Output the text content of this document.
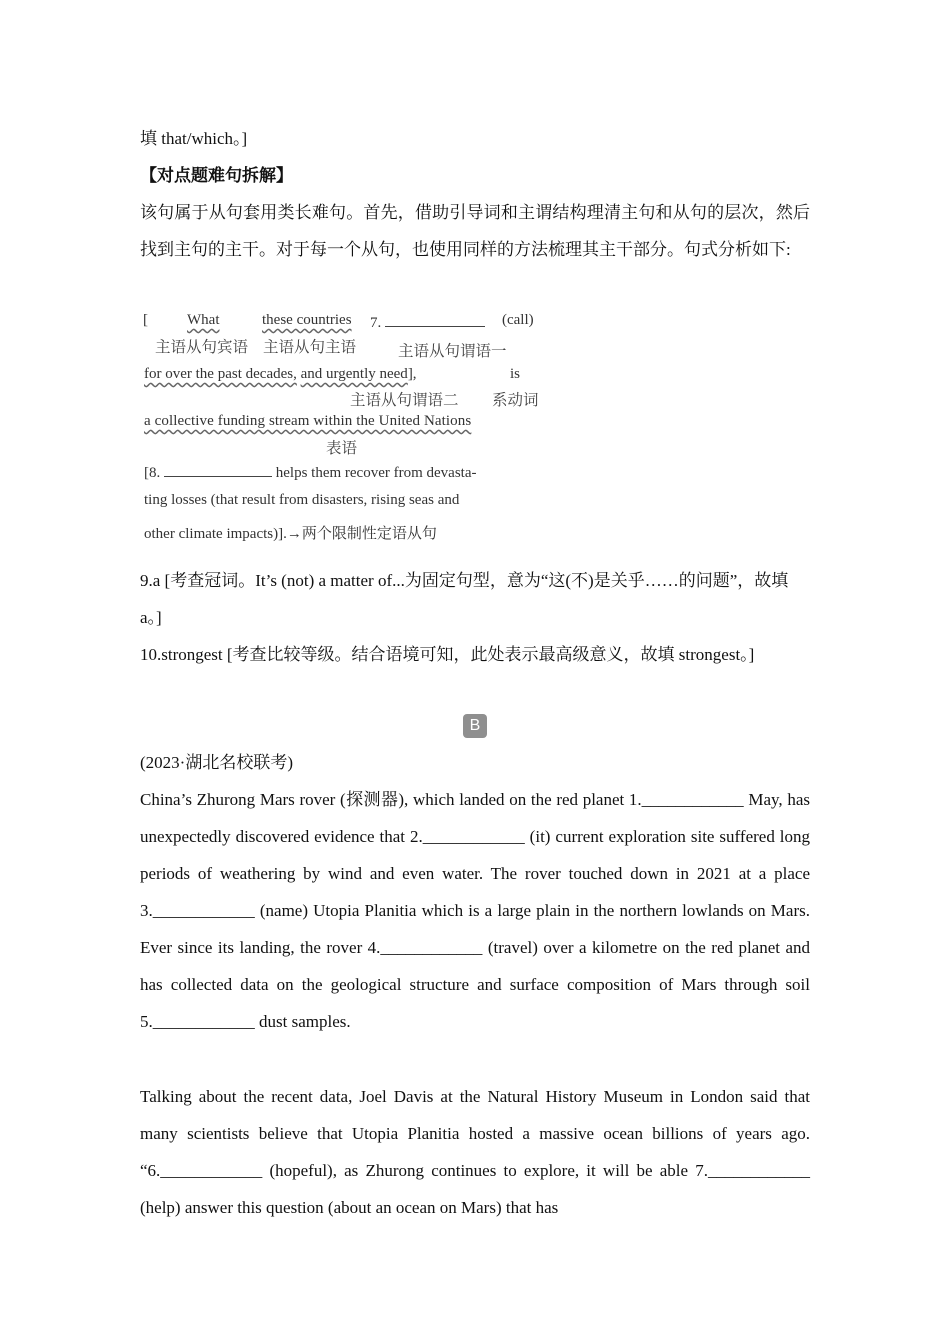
填 that/which。]

【对点题难句拆解】

该句属于从句套用类长难句。首先，借助引导词和主谓结构理清主句和从句的层次，然后找到主句的主干。对于每一个从句，也使用同样的方法梳理其主干部分。句式分析如下:

[	What	these countries 7.	(call)
主语从句宾语 主语从句主语	主语从句谓语一
for over the past decades, and urgently need],	is
主语从句谓语二 系动词
a collective funding stream within the United Nations
表语
[8.	helps them recover from devasta-
ting losses (that result from disasters, rising seas and
other climate impacts)].→两个限制性定语从句

9.a [考查冠词。It’s (not) a matter of...为固定句型，意为“这(不)是关乎……的问题”，故填 a。]

10.strongest [考查比较等级。结合语境可知，此处表示最高级意义，故填 strongest。]

B

(2023·湖北名校联考)

China’s Zhurong Mars rover (探测器), which landed on the red planet 1.____________ May, has unexpectedly discovered evidence that 2.____________ (it) current exploration site suffered long periods of weathering by wind and even water. The rover touched down in 2021 at a place 3.____________ (name) Utopia Planitia which is a large plain in the northern lowlands on Mars. Ever since its landing, the rover 4.____________ (travel) over a kilometre on the red planet and has collected data on the geological structure and surface composition of Mars through soil 5.____________ dust samples.

Talking about the recent data, Joel Davis at the Natural History Museum in London said that many scientists believe that Utopia Planitia hosted a massive ocean billions of years ago. “6.____________ (hopeful), as Zhurong continues to explore, it will be able 7.____________ (help) answer this question (about an ocean on Mars) that has
